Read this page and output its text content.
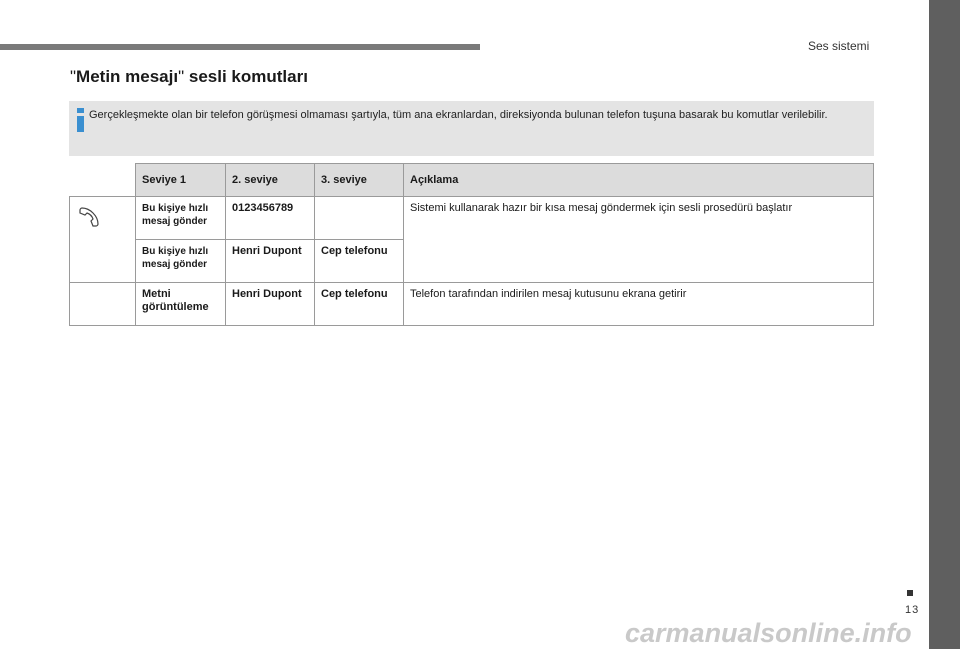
Ses sistemi
"Metin mesajı" sesli komutları
Gerçekleşmekte olan bir telefon görüşmesi olmaması şartıyla, tüm ana ekranlardan, direksiyonda bulunan telefon tuşuna basarak bu komutlar verilebilir.
	Seviye 1	2. seviye	3. seviye	Açıklama
	Bu kişiye hızlı mesaj gönder	0123456789		Sistemi kullanarak hazır bir kısa mesaj göndermek için sesli prosedürü başlatır
	Bu kişiye hızlı mesaj gönder	Henri Dupont	Cep telefonu	
	Metni görüntüleme	Henri Dupont	Cep telefonu	Telefon tarafından indirilen mesaj kutusunu ekrana getirir
13
carmanualsonline.info
